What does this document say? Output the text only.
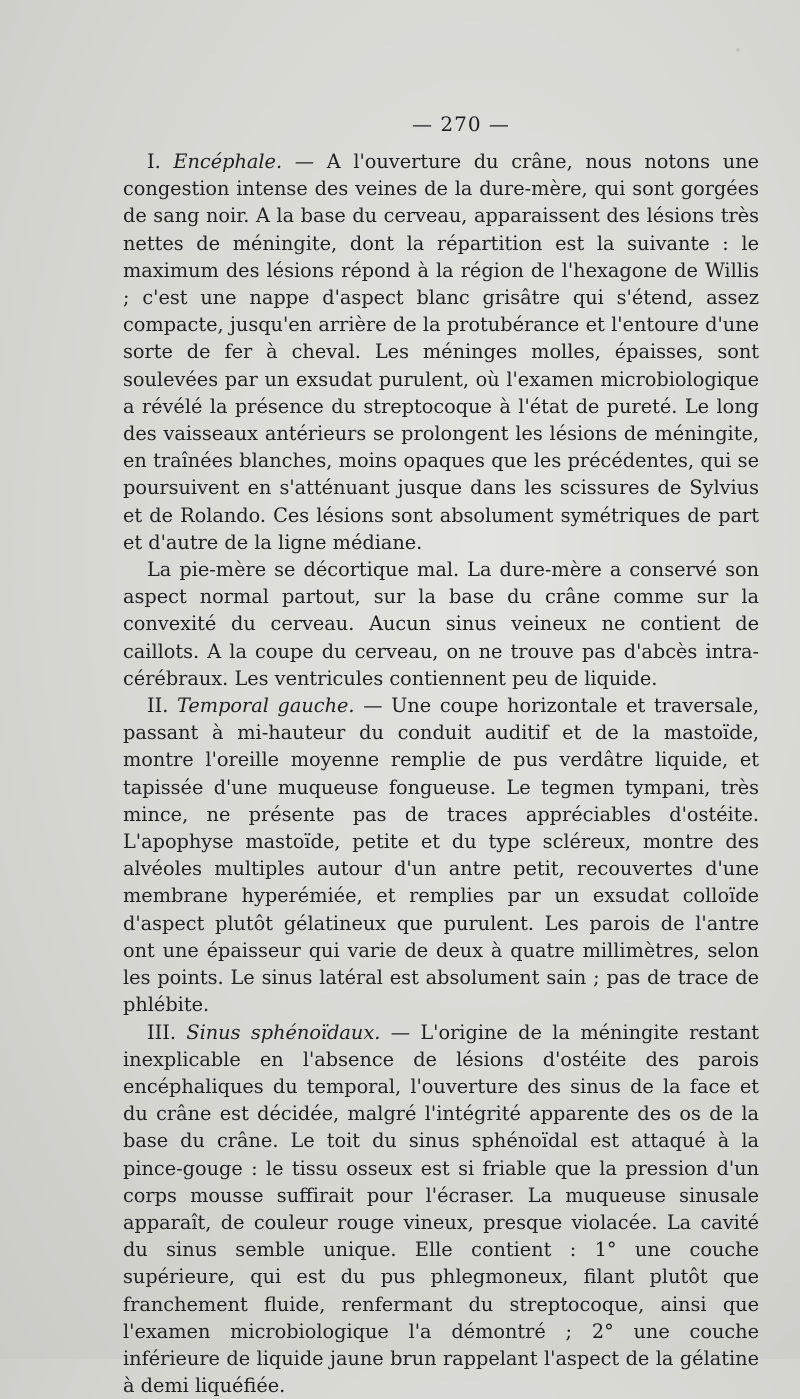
— 270 —

I. Encéphale. — A l'ouverture du crâne, nous notons une congestion intense des veines de la dure-mère, qui sont gorgées de sang noir. A la base du cerveau, apparaissent des lésions très nettes de méningite, dont la répartition est la suivante : le maximum des lésions répond à la région de l'hexagone de Willis ; c'est une nappe d'aspect blanc grisâtre qui s'étend, assez compacte, jusqu'en arrière de la protubérance et l'entoure d'une sorte de fer à cheval. Les méninges molles, épaisses, sont soulevées par un exsudat purulent, où l'examen microbiologique a révélé la présence du streptocoque à l'état de pureté. Le long des vaisseaux antérieurs se prolongent les lésions de méningite, en traînées blanches, moins opaques que les précédentes, qui se poursuivent en s'atténuant jusque dans les scissures de Sylvius et de Rolando. Ces lésions sont absolument symétriques de part et d'autre de la ligne médiane.

La pie-mère se décortique mal. La dure-mère a conservé son aspect normal partout, sur la base du crâne comme sur la convexité du cerveau. Aucun sinus veineux ne contient de caillots. A la coupe du cerveau, on ne trouve pas d'abcès intra-cérébraux. Les ventricules contiennent peu de liquide.

II. Temporal gauche. — Une coupe horizontale et traversale, passant à mi-hauteur du conduit auditif et de la mastoïde, montre l'oreille moyenne remplie de pus verdâtre liquide, et tapissée d'une muqueuse fongueuse. Le tegmen tympani, très mince, ne présente pas de traces appréciables d'ostéite. L'apophyse mastoïde, petite et du type scléreux, montre des alvéoles multiples autour d'un antre petit, recouvertes d'une membrane hyperémiée, et remplies par un exsudat colloïde d'aspect plutôt gélatineux que purulent. Les parois de l'antre ont une épaisseur qui varie de deux à quatre millimètres, selon les points. Le sinus latéral est absolument sain ; pas de trace de phlébite.

III. Sinus sphénoïdaux. — L'origine de la méningite restant inexplicable en l'absence de lésions d'ostéite des parois encéphaliques du temporal, l'ouverture des sinus de la face et du crâne est décidée, malgré l'intégrité apparente des os de la base du crâne. Le toit du sinus sphénoïdal est attaqué à la pince-gouge : le tissu osseux est si friable que la pression d'un corps mousse suffirait pour l'écraser. La muqueuse sinusale apparaît, de couleur rouge vineux, presque violacée. La cavité du sinus semble unique. Elle contient : 1° une couche supérieure, qui est du pus phlegmoneux, filant plutôt que franchement fluide, renfermant du streptocoque, ainsi que l'examen microbiologique l'a démontré ; 2° une couche inférieure de liquide jaune brun rappelant l'aspect de la gélatine à demi liquéfiée.
